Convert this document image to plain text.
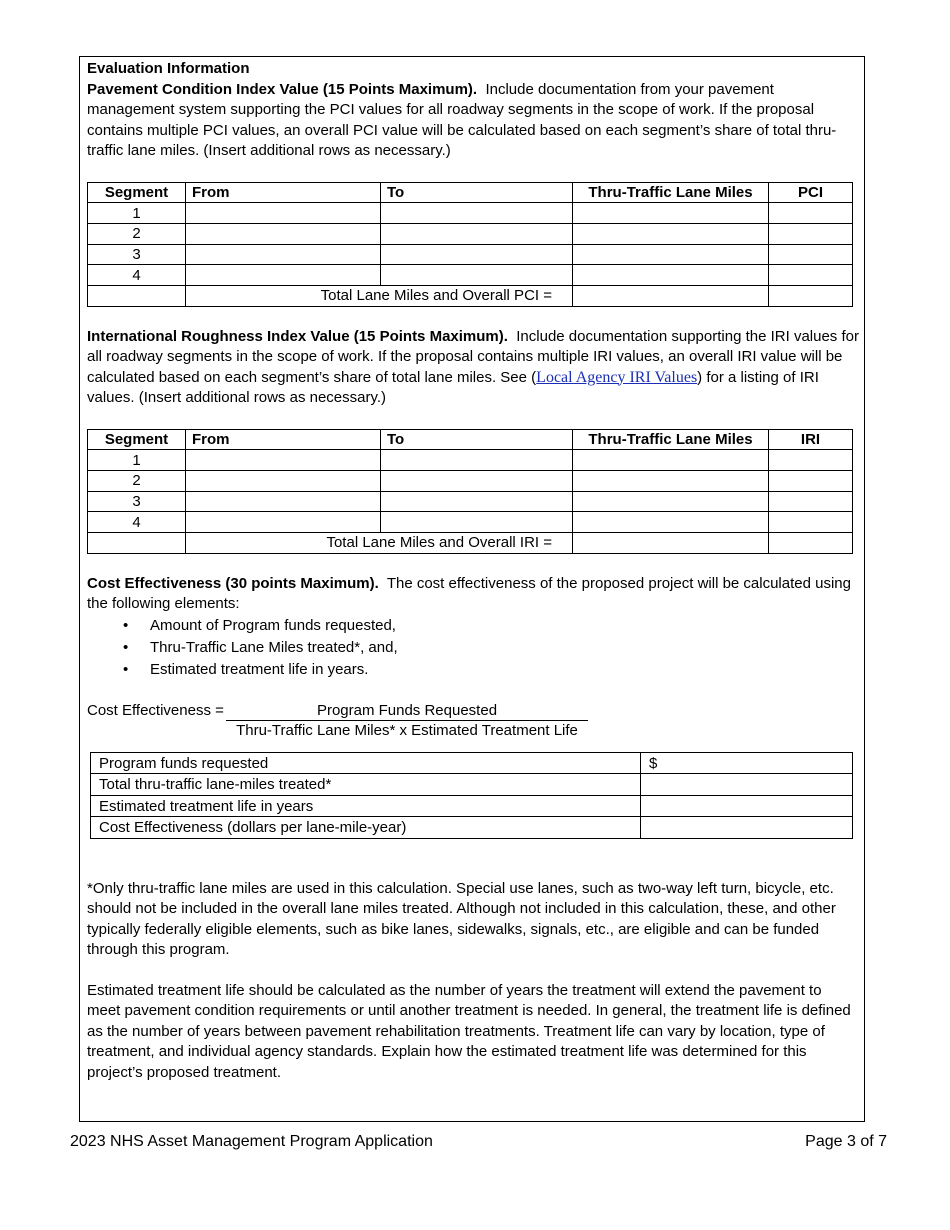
Evaluation Information

Pavement Condition Index Value (15 Points Maximum). Include documentation from your pavement management system supporting the PCI values for all roadway segments in the scope of work. If the proposal contains multiple PCI values, an overall PCI value will be calculated based on each segment’s share of total thru-traffic lane miles. (Insert additional rows as necessary.)

Segment	From	To	Thru-Traffic Lane Miles	PCI
1				
2				
3				
4				
	Total Lane Miles and Overall PCI =			

International Roughness Index Value (15 Points Maximum). Include documentation supporting the IRI values for all roadway segments in the scope of work. If the proposal contains multiple IRI values, an overall IRI value will be calculated based on each segment’s share of total lane miles. See (Local Agency IRI Values) for a listing of IRI values. (Insert additional rows as necessary.)

Segment	From	To	Thru-Traffic Lane Miles	IRI
1				
2				
3				
4				
	Total Lane Miles and Overall IRI =			

Cost Effectiveness (30 points Maximum). The cost effectiveness of the proposed project will be calculated using the following elements:

• Amount of Program funds requested,
• Thru-Traffic Lane Miles treated*, and,
• Estimated treatment life in years.
Cost Effectiveness =	Program Funds Requested
Thru-Traffic Lane Miles* x Estimated Treatment Life
Program funds requested	$
Total thru-traffic lane-miles treated*	
Estimated treatment life in years	
Cost Effectiveness (dollars per lane-mile-year)	

*Only thru-traffic lane miles are used in this calculation. Special use lanes, such as two-way left turn, bicycle, etc. should not be included in the overall lane miles treated. Although not included in this calculation, these, and other typically federally eligible elements, such as bike lanes, sidewalks, signals, etc., are eligible and can be funded through this program.

Estimated treatment life should be calculated as the number of years the treatment will extend the pavement to meet pavement condition requirements or until another treatment is needed. In general, the treatment life is defined as the number of years between pavement rehabilitation treatments. Treatment life can vary by location, type of treatment, and individual agency standards. Explain how the estimated treatment life was determined for this project’s proposed treatment.

2023 NHS Asset Management Program Application	Page 3 of 7
